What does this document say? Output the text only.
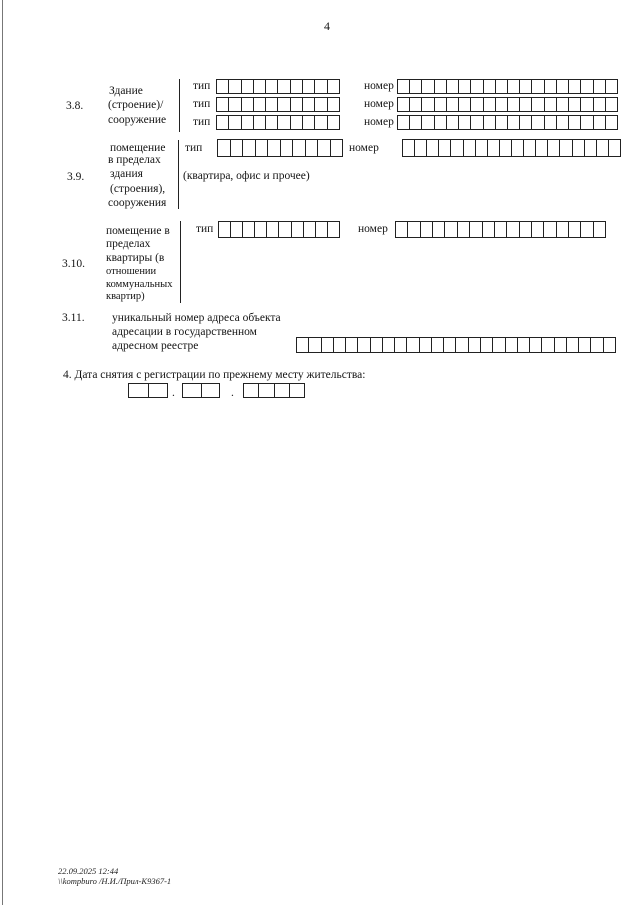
4
3.8.
Здание
(строение)/
сооружение
тип	номер
тип	номер
тип	номер
3.9.
помещение
в пределах
здания
(строения),
сооружения
тип	номер
(квартира, офис и прочее)
3.10.
помещение в
пределах
квартиры (в
отношении
коммунальных
квартир)
тип	номер
3.11. уникальный номер адреса объекта
адресации в государственном
адресном реестре
4. Дата снятия с регистрации по прежнему месту жительства:
.	.
22.09.2025 12:44
\\kompburo /Н.И./Прил-К9367-1
